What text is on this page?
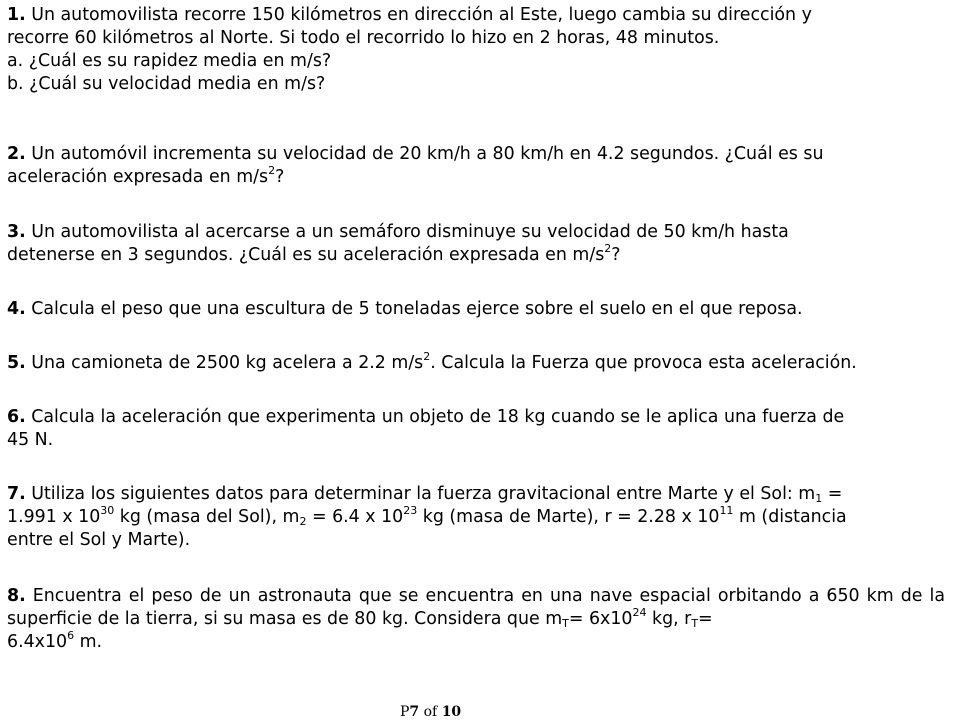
1. Un automovilista recorre 150 kilómetros en dirección al Este, luego cambia su dirección y
recorre 60 kilómetros al Norte. Si todo el recorrido lo hizo en 2 horas, 48 minutos.
a. ¿Cuál es su rapidez media en m/s?
b. ¿Cuál su velocidad media en m/s?
2. Un automóvil incrementa su velocidad de 20 km/h a 80 km/h en 4.2 segundos. ¿Cuál es su
aceleración expresada en $m/s^2$?
3. Un automovilista al acercarse a un semáforo disminuye su velocidad de 50 km/h hasta
detenerse en 3 segundos. ¿Cuál es su aceleración expresada en $m/s^2$?
4. Calcula el peso que una escultura de 5 toneladas ejerce sobre el suelo en el que reposa.
5. Una camioneta de 2500 kg acelera a 2.2 $m/s^2$. Calcula la Fuerza que provoca esta aceleración.
6. Calcula la aceleración que experimenta un objeto de 18 kg cuando se le aplica una fuerza de
45 N.
7. Utiliza los siguientes datos para determinar la fuerza gravitacional entre Marte y el Sol: $m_1$ =
1.991 x $10^{30}$ kg (masa del Sol), $m_2 = 6.4$ x $10^{23}$ kg (masa de Marte), r = 2.28 x $10^{11}$ m (distancia
entre el Sol y Marte).
8. Encuentra el peso de un astronauta que se encuentra en una nave espacial orbitando a 650 km de la superficie de la tierra, si su masa es de 80 kg. Considera que $m_T= 6x10^{24}$ kg, $r_T=$
$6.4x10^6$ m.
P7 of 10
